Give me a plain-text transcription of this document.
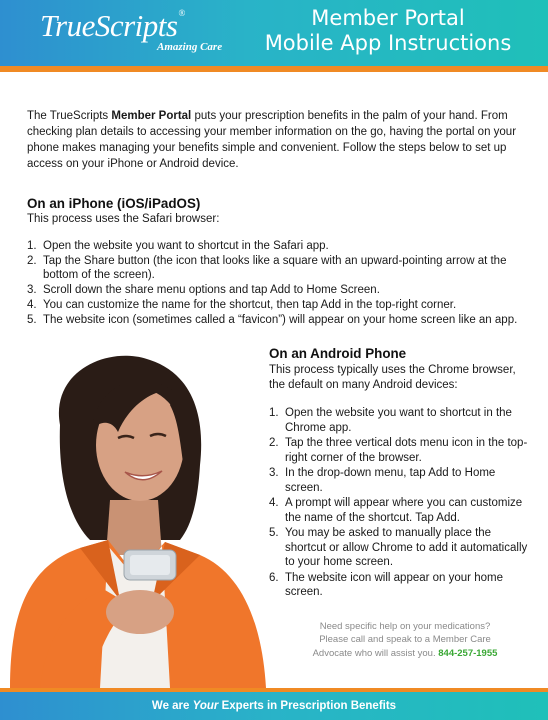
TrueScripts®
Amazing Care
Member Portal
Mobile App Instructions

The TrueScripts Member Portal puts your prescription benefits in the palm of your hand. From checking plan details to accessing your member information on the go, having the portal on your phone makes managing your benefits simple and convenient. Follow the steps below to set up access on your iPhone or Android device.

On an iPhone (iOS/iPadOS)
This process uses the Safari browser:
1. Open the website you want to shortcut in the Safari app.
2. Tap the Share button (the icon that looks like a square with an upward-pointing arrow at the bottom of the screen).
3. Scroll down the share menu options and tap Add to Home Screen.
4. You can customize the name for the shortcut, then tap Add in the top-right corner.
5. The website icon (sometimes called a “favicon”) will appear on your home screen like an app.
On an Android Phone
This process typically uses the Chrome browser, the default on many Android devices:
1. Open the website you want to shortcut in the Chrome app.
2. Tap the three vertical dots menu icon in the top-right corner of the browser.
3. In the drop-down menu, tap Add to Home screen.
4. A prompt will appear where you can customize the name of the shortcut. Tap Add.
5. You may be asked to manually place the shortcut or allow Chrome to add it automatically to your home screen.
6. The website icon will appear on your home screen.
Need specific help on your medications?
Please call and speak to a Member Care
Advocate who will assist you. 844-257-1955
We are Your Experts in Prescription Benefits
